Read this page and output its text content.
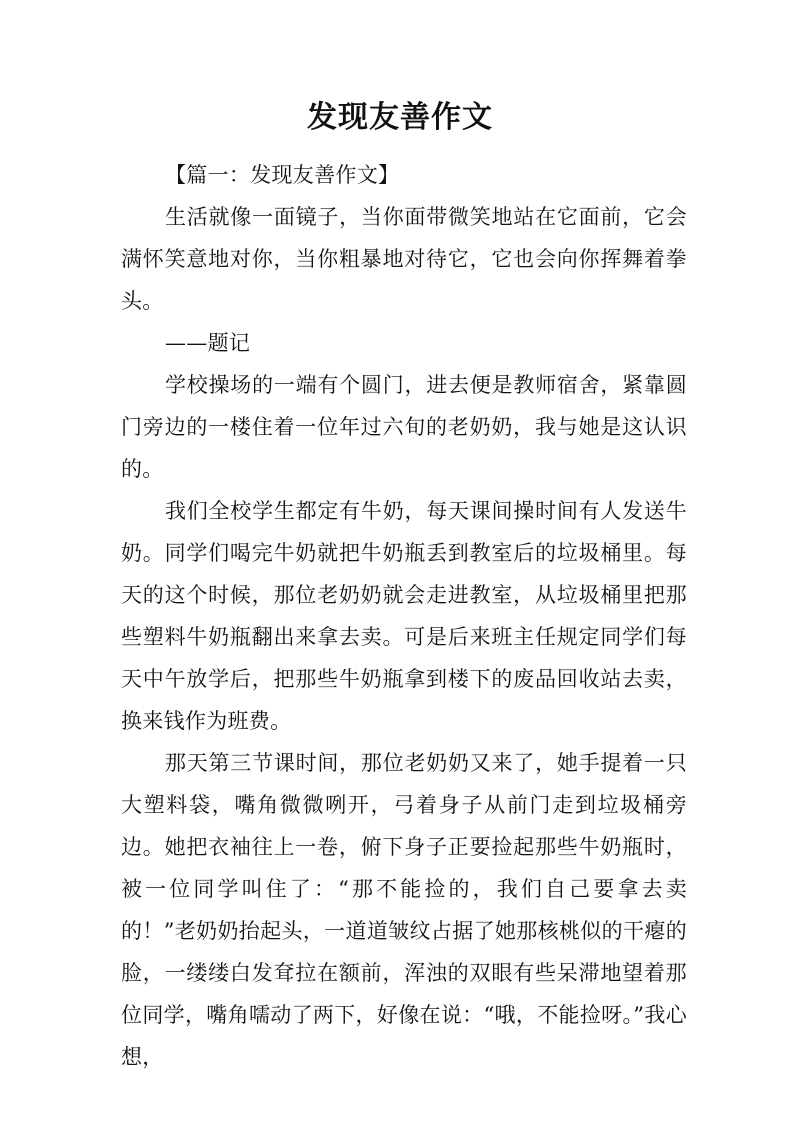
发现友善作文

【篇一：发现友善作文】

生活就像一面镜子，当你面带微笑地站在它面前，它会满怀笑意地对你，当你粗暴地对待它，它也会向你挥舞着拳头。

——题记

学校操场的一端有个圆门，进去便是教师宿舍，紧靠圆门旁边的一楼住着一位年过六旬的老奶奶，我与她是这认识的。

我们全校学生都定有牛奶，每天课间操时间有人发送牛奶。同学们喝完牛奶就把牛奶瓶丢到教室后的垃圾桶里。每天的这个时候，那位老奶奶就会走进教室，从垃圾桶里把那些塑料牛奶瓶翻出来拿去卖。可是后来班主任规定同学们每天中午放学后，把那些牛奶瓶拿到楼下的废品回收站去卖，换来钱作为班费。

那天第三节课时间，那位老奶奶又来了，她手提着一只大塑料袋，嘴角微微咧开，弓着身子从前门走到垃圾桶旁边。她把衣袖往上一卷，俯下身子正要捡起那些牛奶瓶时，被一位同学叫住了：“那不能捡的，我们自己要拿去卖的！”老奶奶抬起头，一道道皱纹占据了她那核桃似的干瘪的脸，一缕缕白发耷拉在额前，浑浊的双眼有些呆滞地望着那位同学，嘴角嚅动了两下，好像在说：“哦，不能捡呀。”我心想，
